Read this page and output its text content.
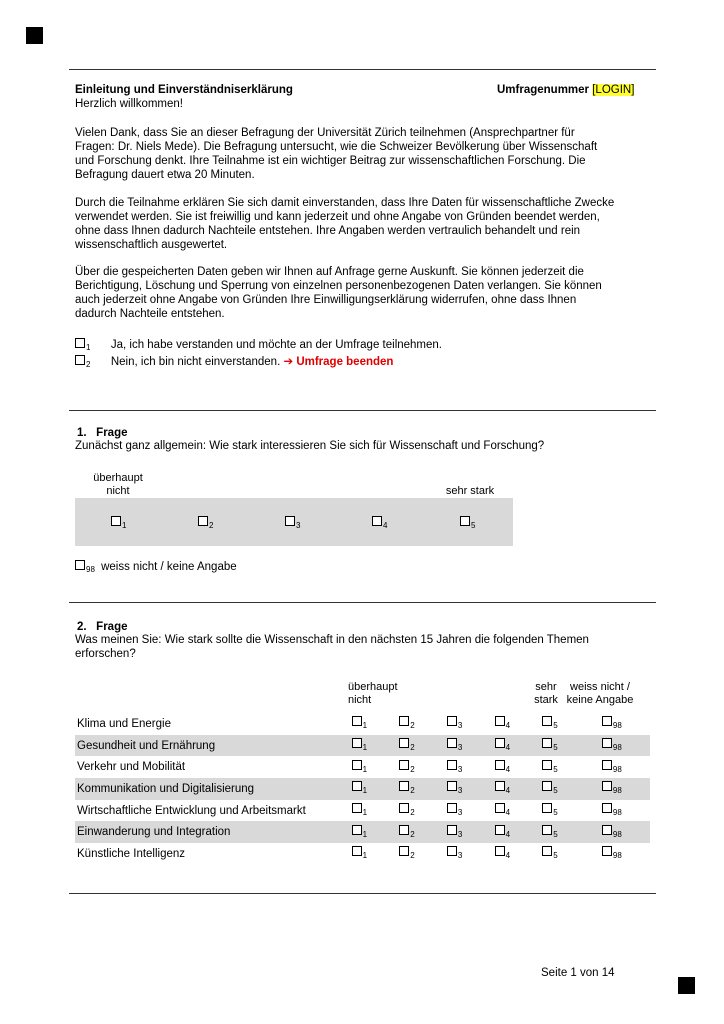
Einleitung und Einverständniserklärung	Umfragenummer [LOGIN]
Herzlich willkommen!
Vielen Dank, dass Sie an dieser Befragung der Universität Zürich teilnehmen (Ansprechpartner für
Fragen: Dr. Niels Mede). Die Befragung untersucht, wie die Schweizer Bevölkerung über Wissenschaft
und Forschung denkt. Ihre Teilnahme ist ein wichtiger Beitrag zur wissenschaftlichen Forschung. Die
Befragung dauert etwa 20 Minuten.
Durch die Teilnahme erklären Sie sich damit einverstanden, dass Ihre Daten für wissenschaftliche Zwecke
verwendet werden. Sie ist freiwillig und kann jederzeit und ohne Angabe von Gründen beendet werden,
ohne dass Ihnen dadurch Nachteile entstehen. Ihre Angaben werden vertraulich behandelt und rein
wissenschaftlich ausgewertet.
Über die gespeicherten Daten geben wir Ihnen auf Anfrage gerne Auskunft. Sie können jederzeit die
Berichtigung, Löschung und Sperrung von einzelnen personenbezogenen Daten verlangen. Sie können
auch jederzeit ohne Angabe von Gründen Ihre Einwilligungserklärung widerrufen, ohne dass Ihnen
dadurch Nachteile entstehen.
1 Ja, ich habe verstanden und möchte an der Umfrage teilnehmen.
2 Nein, ich bin nicht einverstanden. ➔ Umfrage beenden
1.   Frage
Zunächst ganz allgemein: Wie stark interessieren Sie sich für Wissenschaft und Forschung?
überhaupt
nicht	sehr stark
1	2	3	4	5
98 weiss nicht / keine Angabe
2.   Frage
Was meinen Sie: Wie stark sollte die Wissenschaft in den nächsten 15 Jahren die folgenden Themen
erforschen?
überhaupt
nicht
sehr
stark
weiss nicht /
keine Angabe
Klima und Energie	1	2	3	4	5	98
Gesundheit und Ernährung	1	2	3	4	5	98
Verkehr und Mobilität	1	2	3	4	5	98
Kommunikation und Digitalisierung	1	2	3	4	5	98
Wirtschaftliche Entwicklung und Arbeitsmarkt	1	2	3	4	5	98
Einwanderung und Integration	1	2	3	4	5	98
Künstliche Intelligenz	1	2	3	4	5	98
Seite 1 von 14
